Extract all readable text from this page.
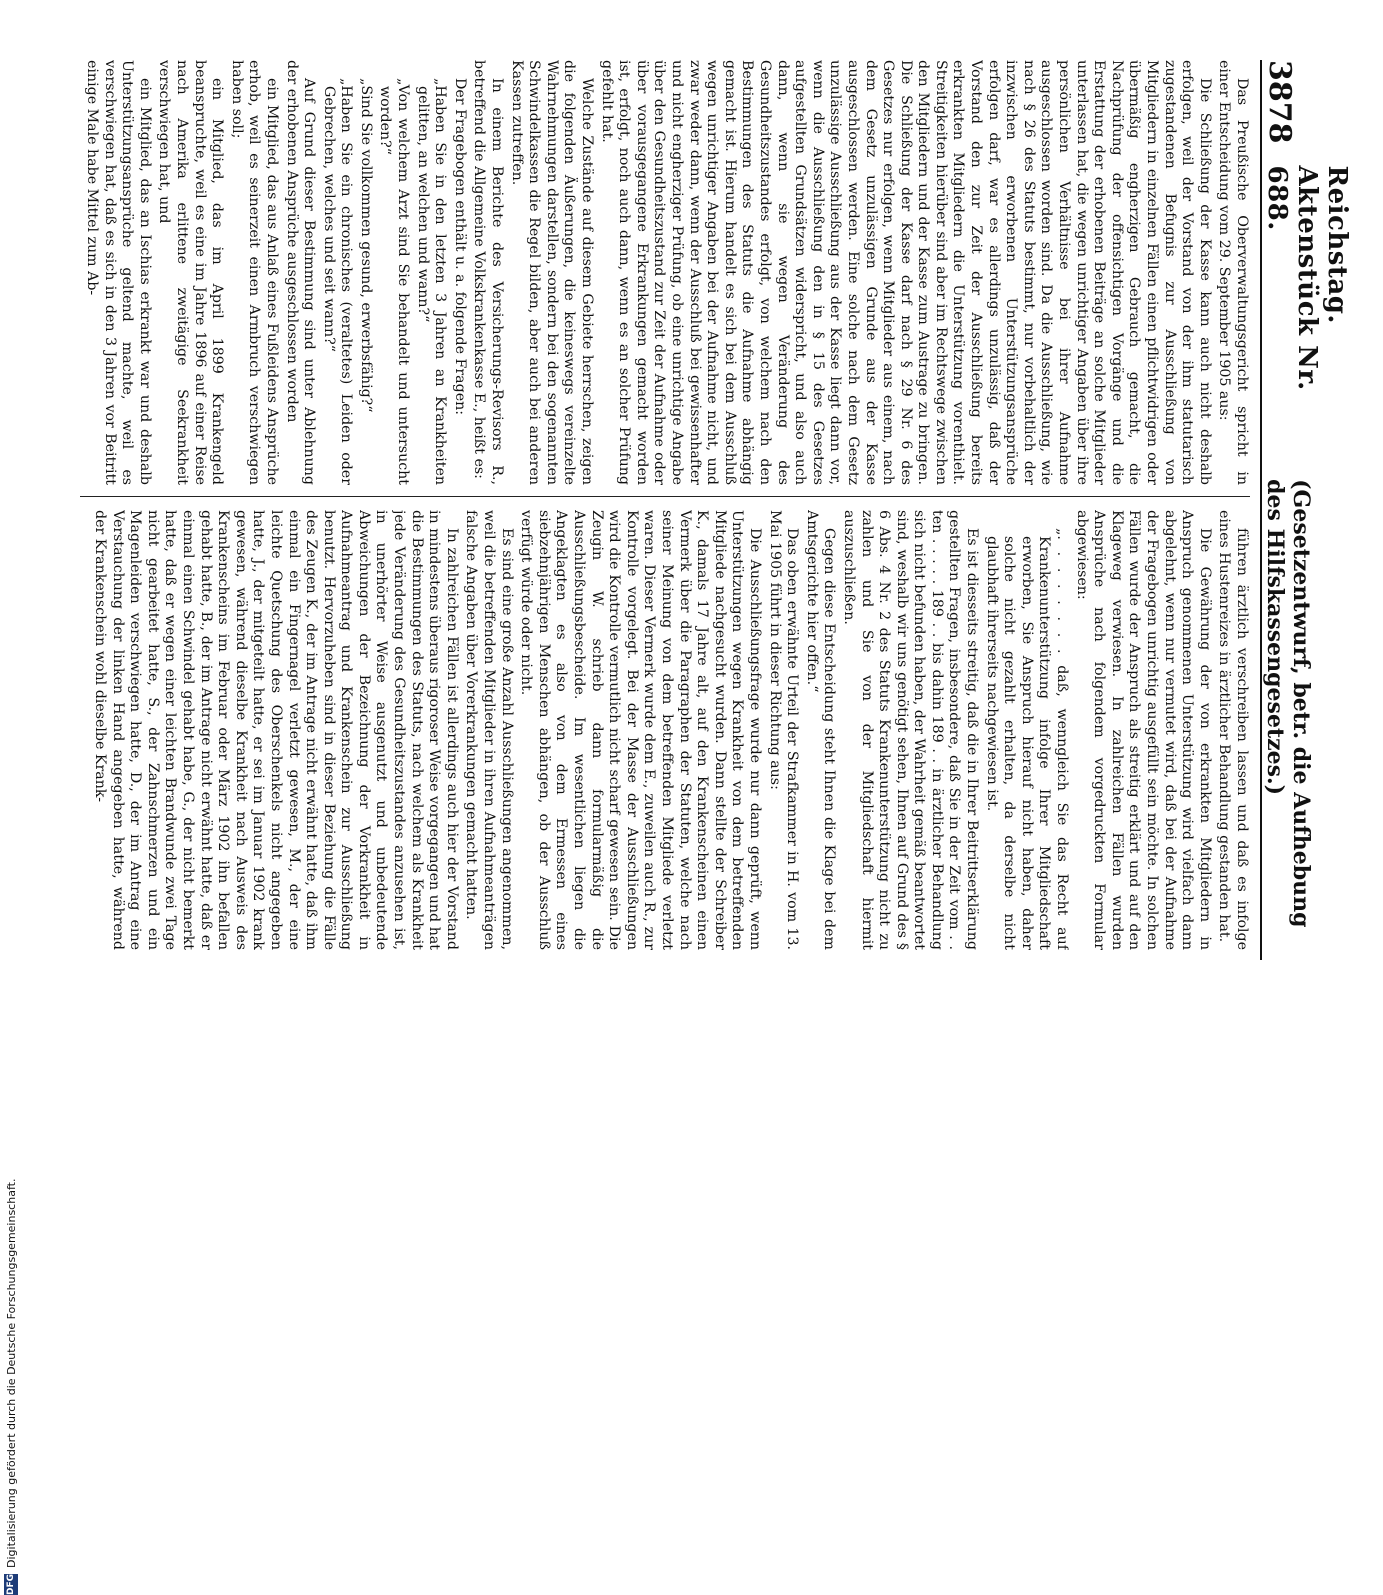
3878
Reichstag. Aktenstück Nr. 688.
(Gesetzentwurf, betr. die Aufhebung des Hilfskassengesetzes.)

Das Preußische Oberverwaltungsgericht spricht in einer Entscheidung vom 29. September 1905 aus:

Die Schließung der Kasse kann auch nicht deshalb erfolgen, weil der Vorstand von der ihm statutarisch zugestandenen Befugnis zur Ausschließung von Mitgliedern in einzelnen Fällen einen pflichtwidrigen oder übermäßig engherzigen Gebrauch gemacht, die Nachprüfung der offensichtigen Vorgänge und die Erstattung der erhobenen Beiträge an solche Mitglieder unterlassen hat, die wegen unrichtiger Angaben über ihre persönlichen Verhältnisse bei ihrer Aufnahme ausgeschlossen worden sind. Da die Ausschließung, wie nach § 26 des Statuts bestimmt, nur vorbehaltlich der inzwischen erworbenen Unterstützungsansprüche erfolgen darf, war es allerdings unzulässig, daß der Vorstand den zur Zeit der Ausschließung bereits erkrankten Mitgliedern die Unterstützung vorenthielt. Streitigkeiten hierüber sind aber im Rechtswege zwischen den Mitgliedern und der Kasse zum Austrage zu bringen. Die Schließung der Kasse darf nach § 29 Nr. 6 des Gesetzes nur erfolgen, wenn Mitglieder aus einem, nach dem Gesetz unzulässigen Grunde aus der Kasse ausgeschlossen werden. Eine solche nach dem Gesetz unzulässige Ausschließung aus der Kasse liegt dann vor, wenn die Ausschließung den in § 15 des Gesetzes aufgestellten Grundsätzen widerspricht, und also auch dann, wenn sie wegen Veränderung des Gesundheitszustandes erfolgt, von welchem nach den Bestimmungen des Statuts die Aufnahme abhängig gemacht ist. Hierum handelt es sich bei dem Ausschluß wegen unrichtiger Angaben bei der Aufnahme nicht, und zwar weder dann, wenn der Ausschluß bei gewissenhafter und nicht engherziger Prüfung, ob eine unrichtige Angabe über den Gesundheitszustand zur Zeit der Aufnahme oder über vorausgegangene Erkrankungen gemacht worden ist, erfolgt, noch auch dann, wenn es an solcher Prüfung gefehlt hat.

Welche Zustände auf diesem Gebiete herrschen, zeigen die folgenden Äußerungen, die keineswegs vereinzelte Wahrnehmungen darstellen, sondern bei den sogenannten Schwindelkassen die Regel bilden, aber auch bei anderen Kassen zutreffen.

In einem Berichte des Versicherungs-Revisors R., betreffend die Allgemeine Volkskrankenkasse E., heißt es:

Der Fragebogen enthält u. a. folgende Fragen:

„Haben Sie in den letzten 3 Jahren an Krankheiten gelitten, an welchen und wann?“

„Von welchem Arzt sind Sie behandelt und untersucht worden?“

„Sind Sie vollkommen gesund, erwerbsfähig?“

„Haben Sie ein chronisches (veraltetes) Leiden oder Gebrechen, welches und seit wann?“

Auf Grund dieser Bestimmung sind unter Ablehnung der erhobenen Ansprüche ausgeschlossen worden

ein Mitglied, das aus Anlaß eines Fußleidens Ansprüche erhob, weil es seinerzeit einen Armbruch verschwiegen haben soll;

ein Mitglied, das im April 1899 Krankengeld beanspruchte, weil es eine im Jahre 1896 auf einer Reise nach Amerika erlittene zweitägige Seekrankheit verschwiegen hat, und

ein Mitglied, das an Ischias erkrankt war und deshalb Unterstützungsansprüche geltend machte, weil es verschwiegen hat, daß es sich in den 3 Jahren vor Beitritt einige Male habe Mittel zum Ab-

führen ärztlich verschreiben lassen und daß es infolge eines Hustenreizes in ärztlicher Behandlung gestanden hat.

Die Gewährung der von erkrankten Mitgliedern in Anspruch genommenen Unterstützung wird vielfach dann abgelehnt, wenn nur vermutet wird, daß bei der Aufnahme der Fragebogen unrichtig ausgefüllt sein möchte. In solchen Fällen wurde der Anspruch als streitig erklärt und auf den Klageweg verwiesen. In zahlreichen Fällen wurden Ansprüche nach folgendem vorgedruckten Formular abgewiesen:

„. . . . . . . . daß, wenngleich Sie das Recht auf Krankenunterstützung infolge Ihrer Mitgliedschaft erworben, Sie Anspruch hierauf nicht haben, daher solche nicht gezahlt erhalten, da derselbe nicht glaubhaft ihrerseits nachgewiesen ist.

Es ist diesseits streitig, daß die in Ihrer Beitrittserklärung gestellten Fragen, insbesondere, daß Sie in der Zeit vom . . ten . . . . . 189 . . bis dahin 189 . . in ärztlicher Behandlung sich nicht befunden haben, der Wahrheit gemäß beantwortet sind, weshalb wir uns genötigt sehen, Ihnen auf Grund des § 6 Abs. 4 Nr. 2 des Statuts Krankenunterstützung nicht zu zahlen und Sie von der Mitgliedschaft hiermit auszuschließen.

Gegen diese Entscheidung steht Ihnen die Klage bei dem Amtsgerichte hier offen.“

Das oben erwähnte Urteil der Strafkammer in H. vom 13. Mai 1905 führt in dieser Richtung aus:

Die Ausschließungsfrage wurde nur dann geprüft, wenn Unterstützungen wegen Krankheit von dem betreffenden Mitgliede nachgesucht wurden. Dann stellte der Schreiber K., damals 17 Jahre alt, auf den Krankenscheinen einen Vermerk über die Paragraphen der Statuten, welche nach seiner Meinung von dem betreffenden Mitgliede verletzt waren. Dieser Vermerk wurde dem E., zuweilen auch R., zur Kontrolle vorgelegt. Bei der Masse der Ausschließungen wird die Kontrolle vermutlich nicht scharf gewesen sein. Die Zeugin W. schrieb dann formularmäßig die Ausschließungsbescheide. Im wesentlichen liegen die Angeklagten es also von dem Ermessen eines siebzehnjährigen Menschen abhängen, ob der Ausschluß verfügt würde oder nicht.

Es sind eine große Anzahl Ausschließungen angenommen, weil die betreffenden Mitglieder in ihren Aufnahmeanträgen falsche Angaben über Vorerkrankungen gemacht hatten.

In zahlreichen Fällen ist allerdings auch hier der Vorstand in mindestens überaus rigoroser Weise vorgegangen und hat die Bestimmungen des Statuts, nach welchem als Krankheit jede Veränderung des Gesundheitszustandes anzusehen ist, in unerhörter Weise ausgenutzt und unbedeutende Abweichungen der Bezeichnung der Vorkrankheit in Aufnahmeantrag und Krankenschein zur Ausschließung benutzt. Hervorzuheben sind in dieser Beziehung die Fälle des Zeugen K., der im Antrage nicht erwähnt hatte, daß ihm einmal ein Fingernagel verletzt gewesen, M., der eine leichte Quetschung des Oberschenkels nicht angegeben hatte, J., der mitgeteilt hatte, er sei im Januar 1902 krank gewesen, während dieselbe Krankheit nach Ausweis des Krankenscheins im Februar oder März 1902 ihn befallen gehabt hatte, B., der im Antrage nicht erwähnt hatte, daß er einmal einen Schwindel gehabt habe, G., der nicht bemerkt hatte, daß er wegen einer leichten Brandwunde zwei Tage nicht gearbeitet hatte, S., der Zahnschmerzen und ein Magenleiden verschwiegen hatte, D., der im Antrag eine Verstauchung der linken Hand angegeben hatte, während der Krankenschein wohl dieselbe Krank-

DFG
Digitalisierung gefördert durch die Deutsche Forschungsgemeinschaft.
